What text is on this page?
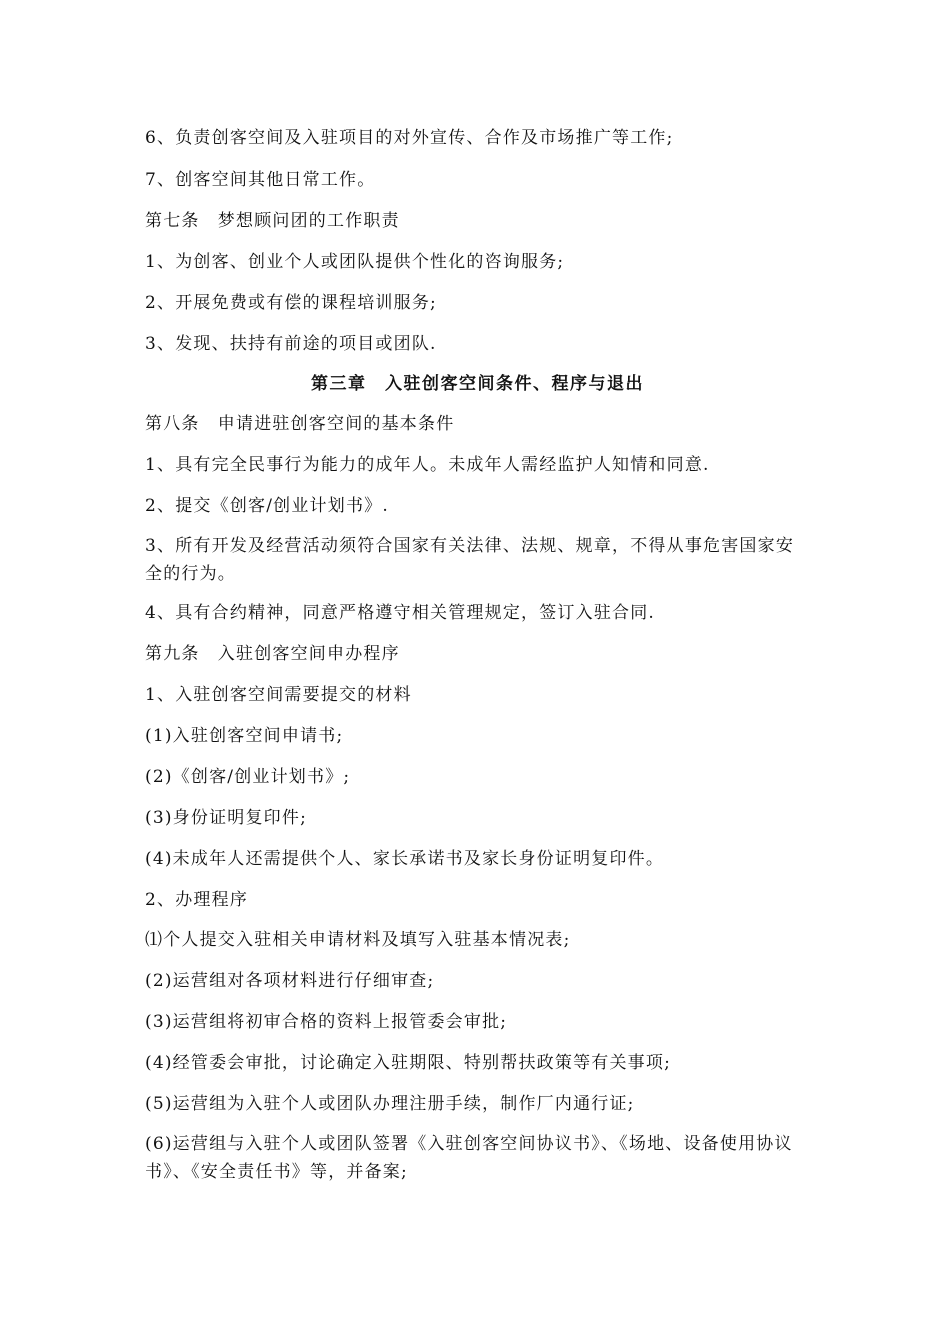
6、负责创客空间及入驻项目的对外宣传、合作及市场推广等工作;
7、创客空间其他日常工作。
第七条　梦想顾问团的工作职责
1、为创客、创业个人或团队提供个性化的咨询服务;
2、开展免费或有偿的课程培训服务;
3、发现、扶持有前途的项目或团队.
第三章　入驻创客空间条件、程序与退出
第八条　申请进驻创客空间的基本条件
1、具有完全民事行为能力的成年人。未成年人需经监护人知情和同意.
2、提交《创客/创业计划书》.
3、所有开发及经营活动须符合国家有关法律、法规、规章，不得从事危害国家安全的行为。
4、具有合约精神，同意严格遵守相关管理规定，签订入驻合同.
第九条　入驻创客空间申办程序
1、入驻创客空间需要提交的材料
(1)入驻创客空间申请书;
(2)《创客/创业计划书》;
(3)身份证明复印件;
(4)未成年人还需提供个人、家长承诺书及家长身份证明复印件。
2、办理程序
⑴个人提交入驻相关申请材料及填写入驻基本情况表;
(2)运营组对各项材料进行仔细审查;
(3)运营组将初审合格的资料上报管委会审批;
(4)经管委会审批，讨论确定入驻期限、特别帮扶政策等有关事项;
(5)运营组为入驻个人或团队办理注册手续，制作厂内通行证;
(6)运营组与入驻个人或团队签署《入驻创客空间协议书》、《场地、设备使用协议书》、《安全责任书》等，并备案;
